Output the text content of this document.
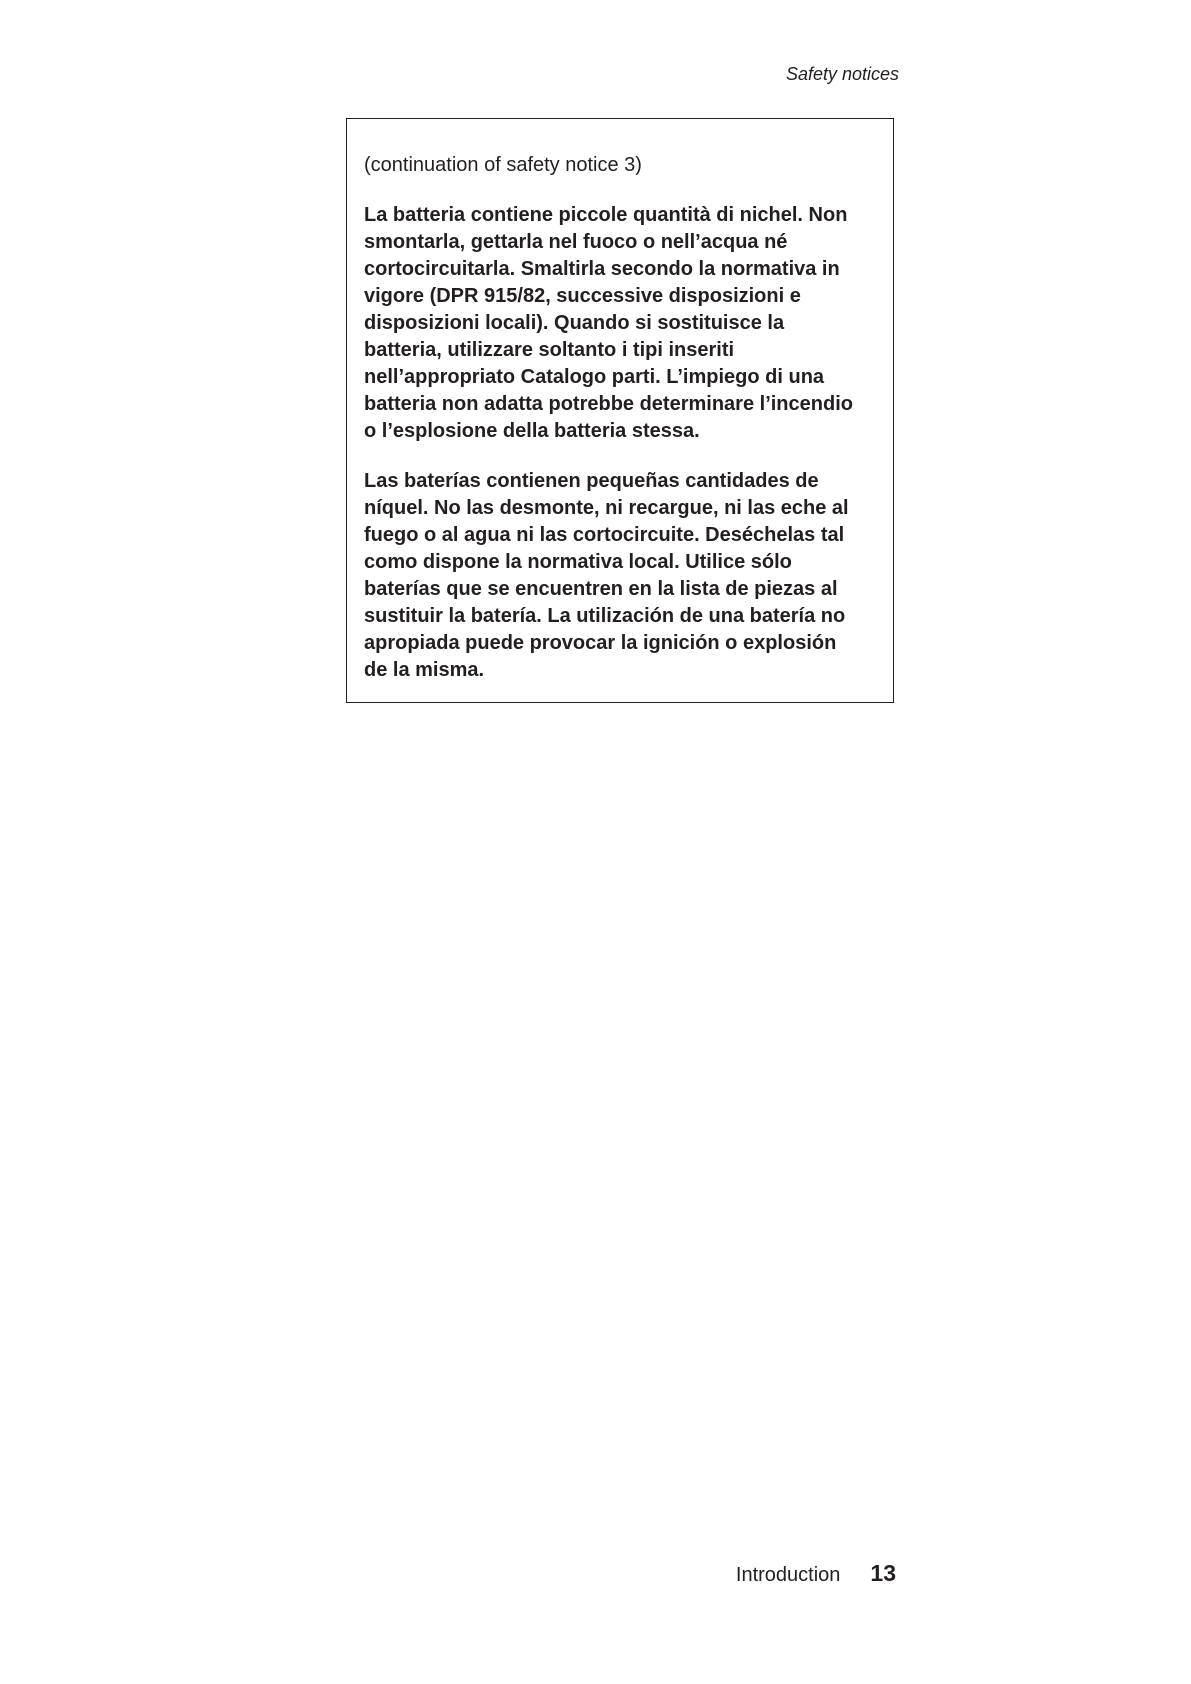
Safety notices

(continuation of safety notice 3)

La batteria contiene piccole quantità di nichel. Non
smontarla, gettarla nel fuoco o nell’acqua né
cortocircuitarla. Smaltirla secondo la normativa in
vigore (DPR 915/82, successive disposizioni e
disposizioni locali). Quando si sostituisce la
batteria, utilizzare soltanto i tipi inseriti
nell’appropriato Catalogo parti. L’impiego di una
batteria non adatta potrebbe determinare l’incendio
o l’esplosione della batteria stessa.

Las baterías contienen pequeñas cantidades de
níquel. No las desmonte, ni recargue, ni las eche al
fuego o al agua ni las cortocircuite. Deséchelas tal
como dispone la normativa local. Utilice sólo
baterías que se encuentren en la lista de piezas al
sustituir la batería. La utilización de una batería no
apropiada puede provocar la ignición o explosión
de la misma.

Introduction 13
